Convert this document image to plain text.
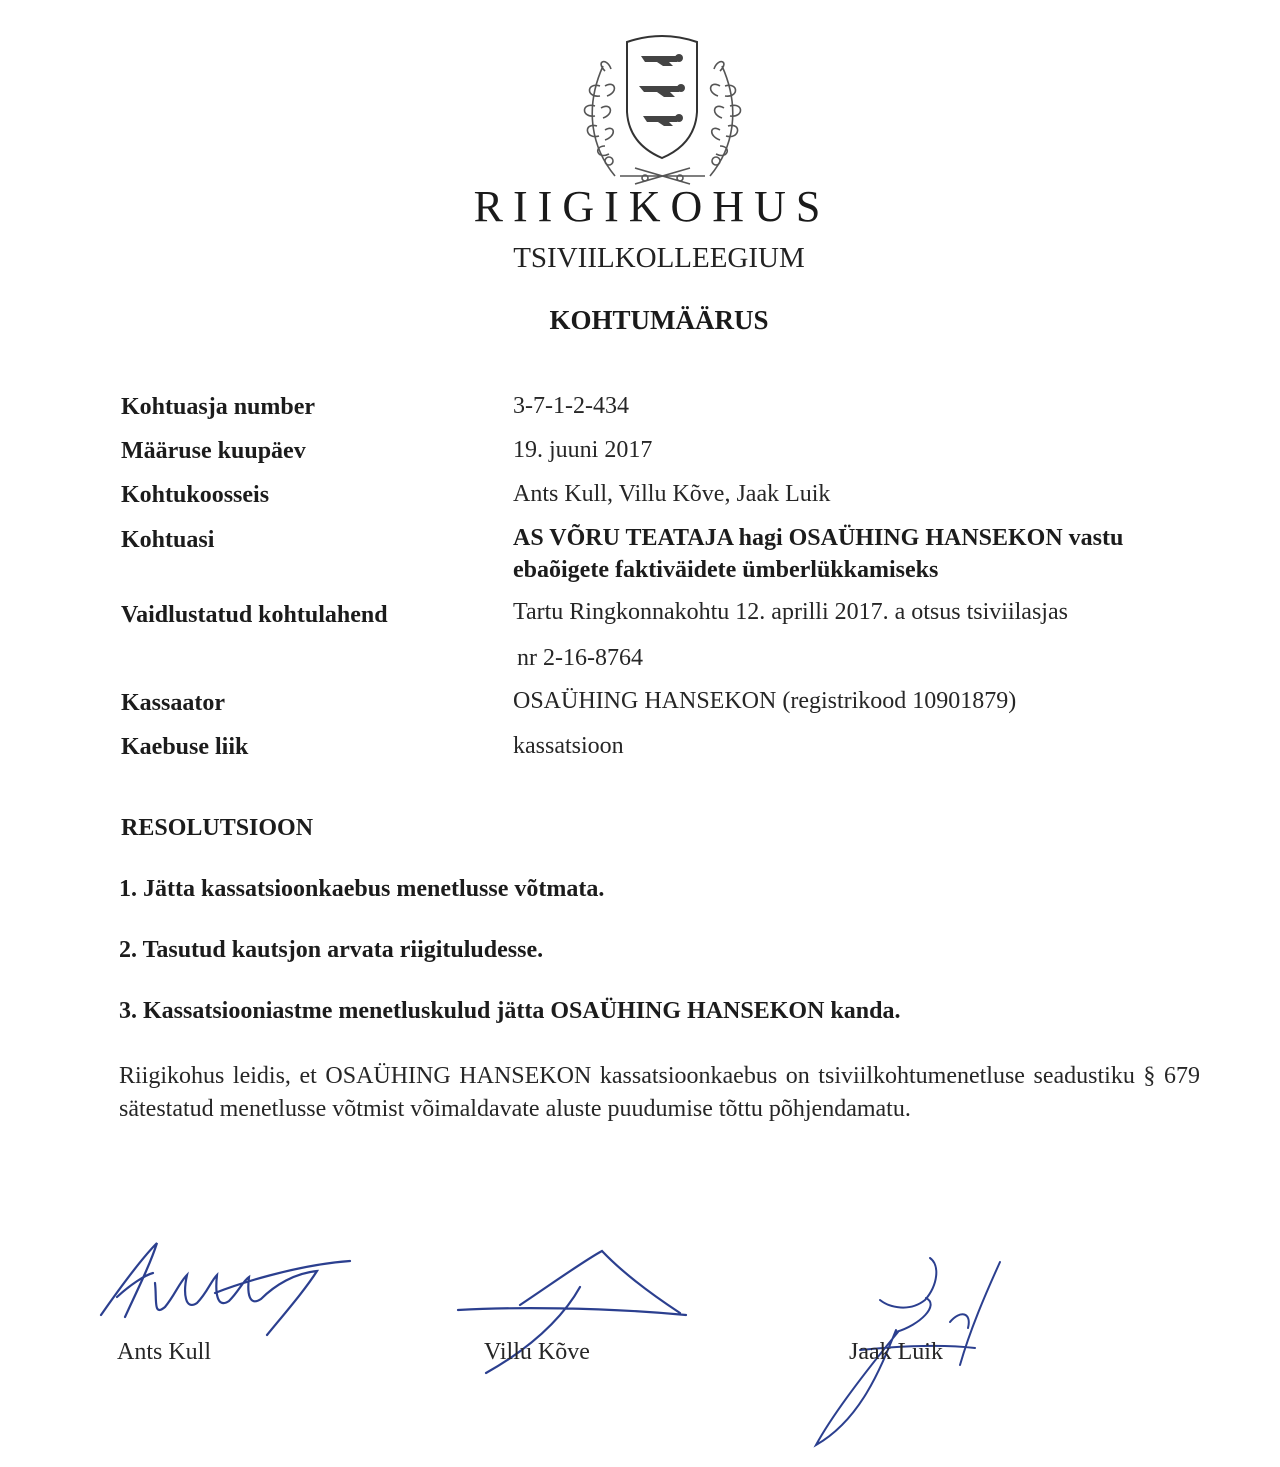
RIIGIKOHUS
TSIVIILKOLLEEGIUM
KOHTUMÄÄRUS
Kohtuasja number	3-7-1-2-434
Määruse kuupäev	19. juuni 2017
Kohtukoosseis	Ants Kull, Villu Kõve, Jaak Luik
Kohtuasi	AS VÕRU TEATAJA hagi OSAÜHING HANSEKON vastu
ebaõigete faktiväidete ümberlükkamiseks
Vaidlustatud kohtulahend	Tartu Ringkonnakohtu 12. aprilli 2017. a otsus tsiviilasjas
nr 2-16-8764
Kassaator	OSAÜHING HANSEKON (registrikood 10901879)
Kaebuse liik	kassatsioon
RESOLUTSIOON
1. Jätta kassatsioonkaebus menetlusse võtmata.
2. Tasutud kautsjon arvata riigituludesse.
3. Kassatsiooniastme menetluskulud jätta OSAÜHING HANSEKON kanda.
Riigikohus leidis, et OSAÜHING HANSEKON kassatsioonkaebus on tsiviilkohtumenetluse seadustiku § 679 sätestatud menetlusse võtmist võimaldavate aluste puudumise tõttu põhjendamatu.
Ants Kull	Villu Kõve	Jaak Luik
